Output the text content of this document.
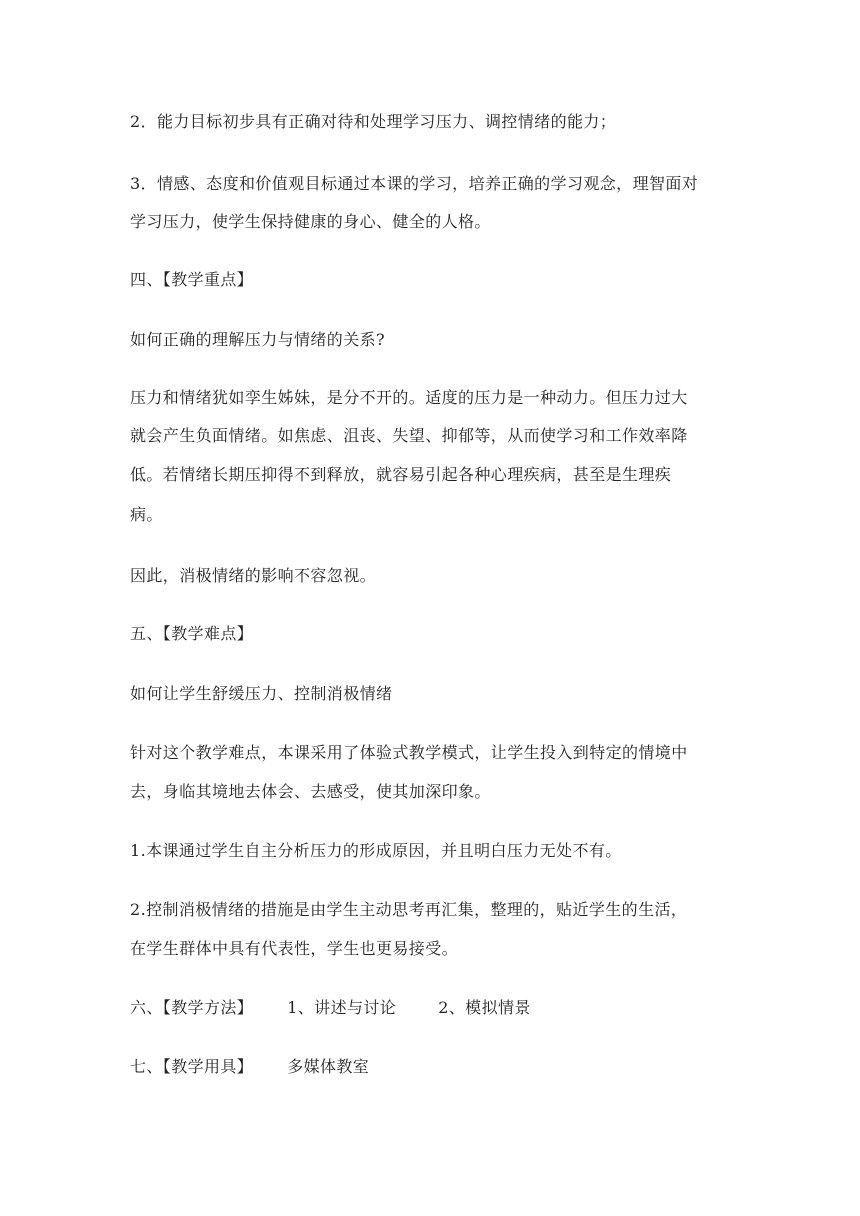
2．能力目标初步具有正确对待和处理学习压力、调控情绪的能力；

3．情感、态度和价值观目标通过本课的学习，培养正确的学习观念，理智面对

学习压力，使学生保持健康的身心、健全的人格。

四、【教学重点】

如何正确的理解压力与情绪的关系?

压力和情绪犹如孪生姊妹，是分不开的。适度的压力是一种动力。但压力过大

就会产生负面情绪。如焦虑、沮丧、失望、抑郁等，从而使学习和工作效率降

低。若情绪长期压抑得不到释放，就容易引起各种心理疾病，甚至是生理疾

病。

因此，消极情绪的影响不容忽视。

五、【教学难点】

如何让学生舒缓压力、控制消极情绪

针对这个教学难点，本课采用了体验式教学模式，让学生投入到特定的情境中

去，身临其境地去体会、去感受，使其加深印象。

1.本课通过学生自主分析压力的形成原因，并且明白压力无处不有。

2.控制消极情绪的措施是由学生主动思考再汇集，整理的，贴近学生的生活，

在学生群体中具有代表性，学生也更易接受。

六、【教学方法】 1、讲述与讨论	2、模拟情景

七、【教学用具】 多媒体教室
